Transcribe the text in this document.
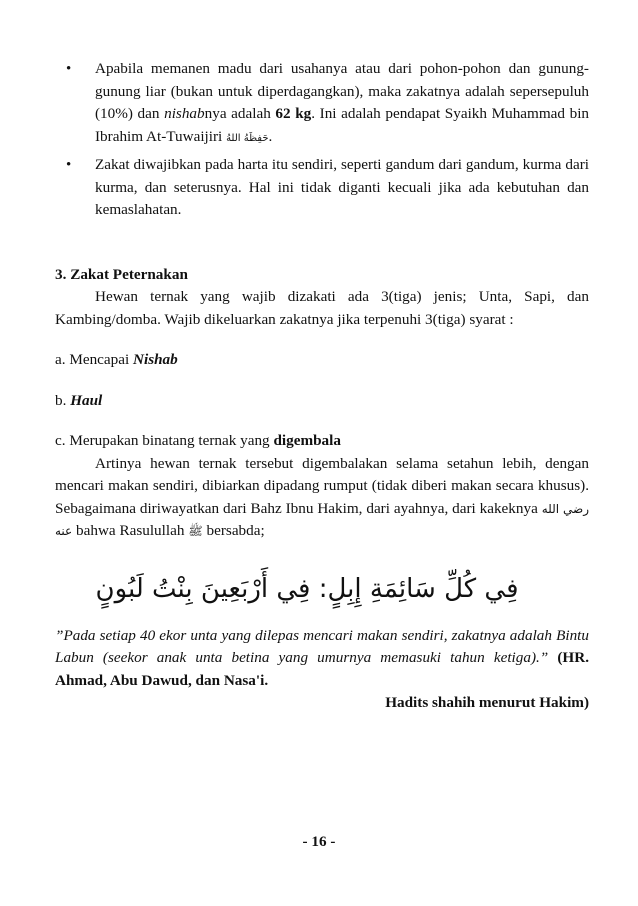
• Apabila memanen madu dari usahanya atau dari pohon-pohon dan gunung-gunung liar (bukan untuk diperdagangkan), maka zakatnya adalah sepersepuluh (10%) dan nishabnya adalah 62 kg. Ini adalah pendapat Syaikh Muhammad bin Ibrahim At-Tuwaijiri حَفِظَهُ اللهُ.
• Zakat diwajibkan pada harta itu sendiri, seperti gandum dari gandum, kurma dari kurma, dan seterusnya. Hal ini tidak diganti kecuali jika ada kebutuhan dan kemaslahatan.

3. Zakat Peternakan

Hewan ternak yang wajib dizakati ada 3(tiga) jenis; Unta, Sapi, dan Kambing/domba. Wajib dikeluarkan zakatnya jika terpenuhi 3(tiga) syarat :

a. Mencapai Nishab

b. Haul

c. Merupakan binatang ternak yang digembala

Artinya hewan ternak tersebut digembalakan selama setahun lebih, dengan mencari makan sendiri, dibiarkan dipadang rumput (tidak diberi makan secara khusus). Sebagaimana diriwayatkan dari Bahz Ibnu Hakim, dari ayahnya, dari kakeknya رضي الله عنه bahwa Rasulullah ﷺ bersabda;

فِي كُلِّ سَائِمَةِ إِبِلٍ: فِي أَرْبَعِينَ بِنْتُ لَبُونٍ

”Pada setiap 40 ekor unta yang dilepas mencari makan sendiri, zakatnya adalah Bintu Labun (seekor anak unta betina yang umurnya memasuki tahun ketiga).” (HR. Ahmad, Abu Dawud, dan Nasa'i.

Hadits shahih menurut Hakim)

- 16 -
